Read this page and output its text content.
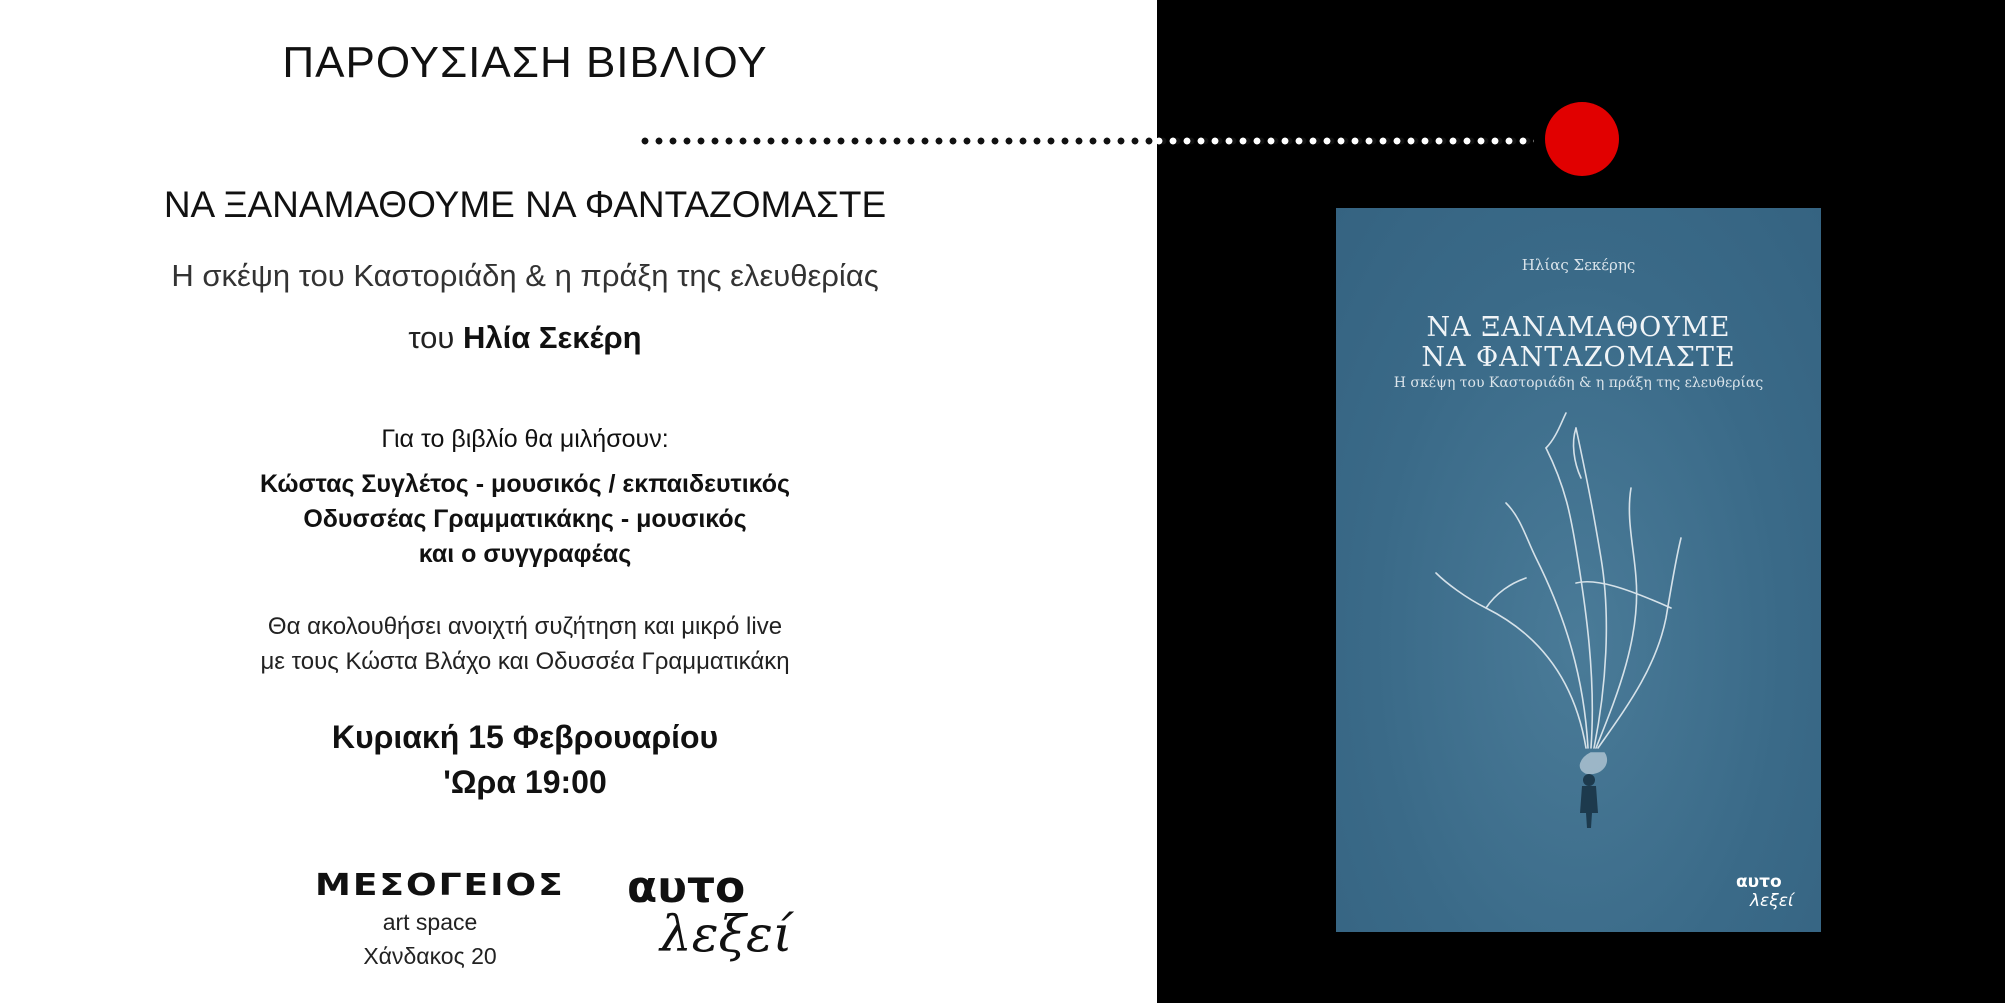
ΠΑΡΟΥΣΙΑΣΗ ΒΙΒΛΙΟΥ
ΝΑ ΞΑΝΑΜΑΘΟΥΜΕ ΝΑ ΦΑΝΤΑΖΟΜΑΣΤΕ
Η σκέψη του Καστοριάδη & η πράξη της ελευθερίας
του Ηλία Σεκέρη
Για το βιβλίο θα μιλήσουν:
Κώστας Συγλέτος - μουσικός / εκπαιδευτικός
Οδυσσέας Γραμματικάκης - μουσικός
και ο συγγραφέας
Θα ακολουθήσει ανοιχτή συζήτηση και μικρό live
με τους Κώστα Βλάχο και Οδυσσέα Γραμματικάκη
Κυριακή 15 Φεβρουαρίου
'Ωρα 19:00
ΜΕΣΟΓΕΙΟΣ
art space
Χάνδακος 20
αυτο
λεξεί
Ηλίας Σεκέρης
ΝΑ ΞΑΝΑΜΑΘΟΥΜΕ
ΝΑ ΦΑΝΤΑΖΟΜΑΣΤΕ
Η σκέψη του Καστοριάδη & η πράξη της ελευθερίας
αυτο
λεξεί
